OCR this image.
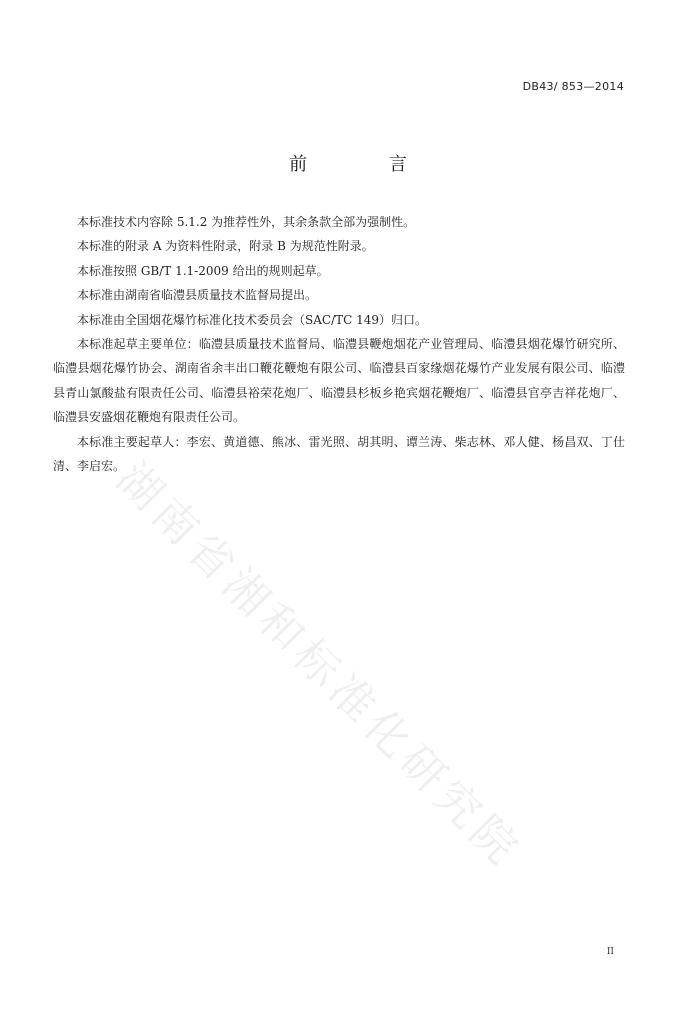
DB43/ 853—2014
前 言

本标准技术内容除 5.1.2 为推荐性外，其余条款全部为强制性。

本标准的附录 A 为资料性附录，附录 B 为规范性附录。

本标准按照 GB/T 1.1-2009 给出的规则起草。

本标准由湖南省临澧县质量技术监督局提出。

本标准由全国烟花爆竹标准化技术委员会（SAC/TC 149）归口。

本标准起草主要单位：临澧县质量技术监督局、临澧县鞭炮烟花产业管理局、临澧县烟花爆竹研究所、临澧县烟花爆竹协会、湖南省余丰出口鞭花鞭炮有限公司、临澧县百家缘烟花爆竹产业发展有限公司、临澧县青山氯酸盐有限责任公司、临澧县裕荣花炮厂、临澧县杉板乡艳宾烟花鞭炮厂、临澧县官亭吉祥花炮厂、临澧县安盛烟花鞭炮有限责任公司。

本标准主要起草人：李宏、黄道德、熊冰、雷光照、胡其明、谭兰涛、柴志林、邓人健、杨昌双、丁仕清、李启宏。

湖南省湘和标准化研究院
II
